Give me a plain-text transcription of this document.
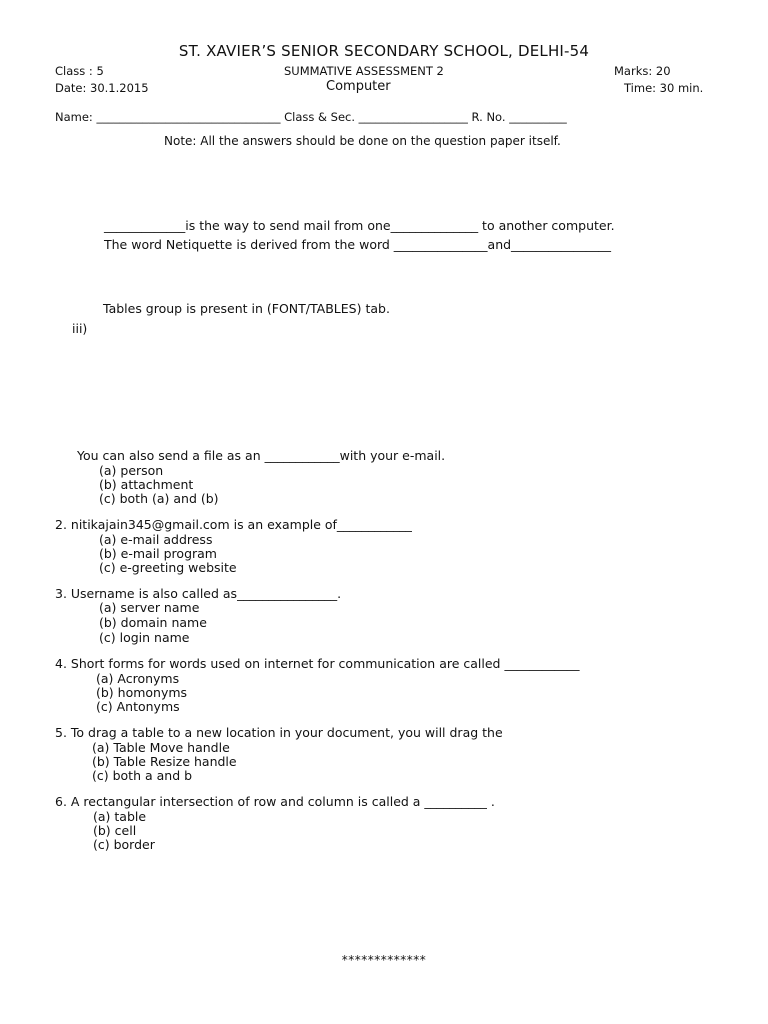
ST. XAVIER’S SENIOR SECONDARY SCHOOL, DELHI-54
Class : 5	SUMMATIVE ASSESSMENT 2	Marks: 20
Date: 30.1.2015	Computer	Time: 30 min.
Name: ________________________________ Class & Sec. ___________________ R. No. __________
Note: All the answers should be done on the question paper itself.
_____________is the way to send mail from one______________ to another computer.
The word Netiquette is derived from the word _______________and________________
Tables group is present in (FONT/TABLES) tab.
iii)
You can also send a file as an ____________with your e-mail.
(a) person
(b) attachment
(c) both (a) and (b)
2. nitikajain345@gmail.com is an example of____________
(a) e-mail address
(b) e-mail program
(c) e-greeting website
3. Username is also called as________________.
(a) server name
(b) domain name
(c) login name
4. Short forms for words used on internet for communication are called ____________
(a) Acronyms
(b) homonyms
(c) Antonyms
5. To drag a table to a new location in your document, you will drag the
(a) Table Move handle
(b) Table Resize handle
(c) both a and b
6. A rectangular intersection of row and column is called a __________ .
(a) table
(b) cell
(c) border
*************
